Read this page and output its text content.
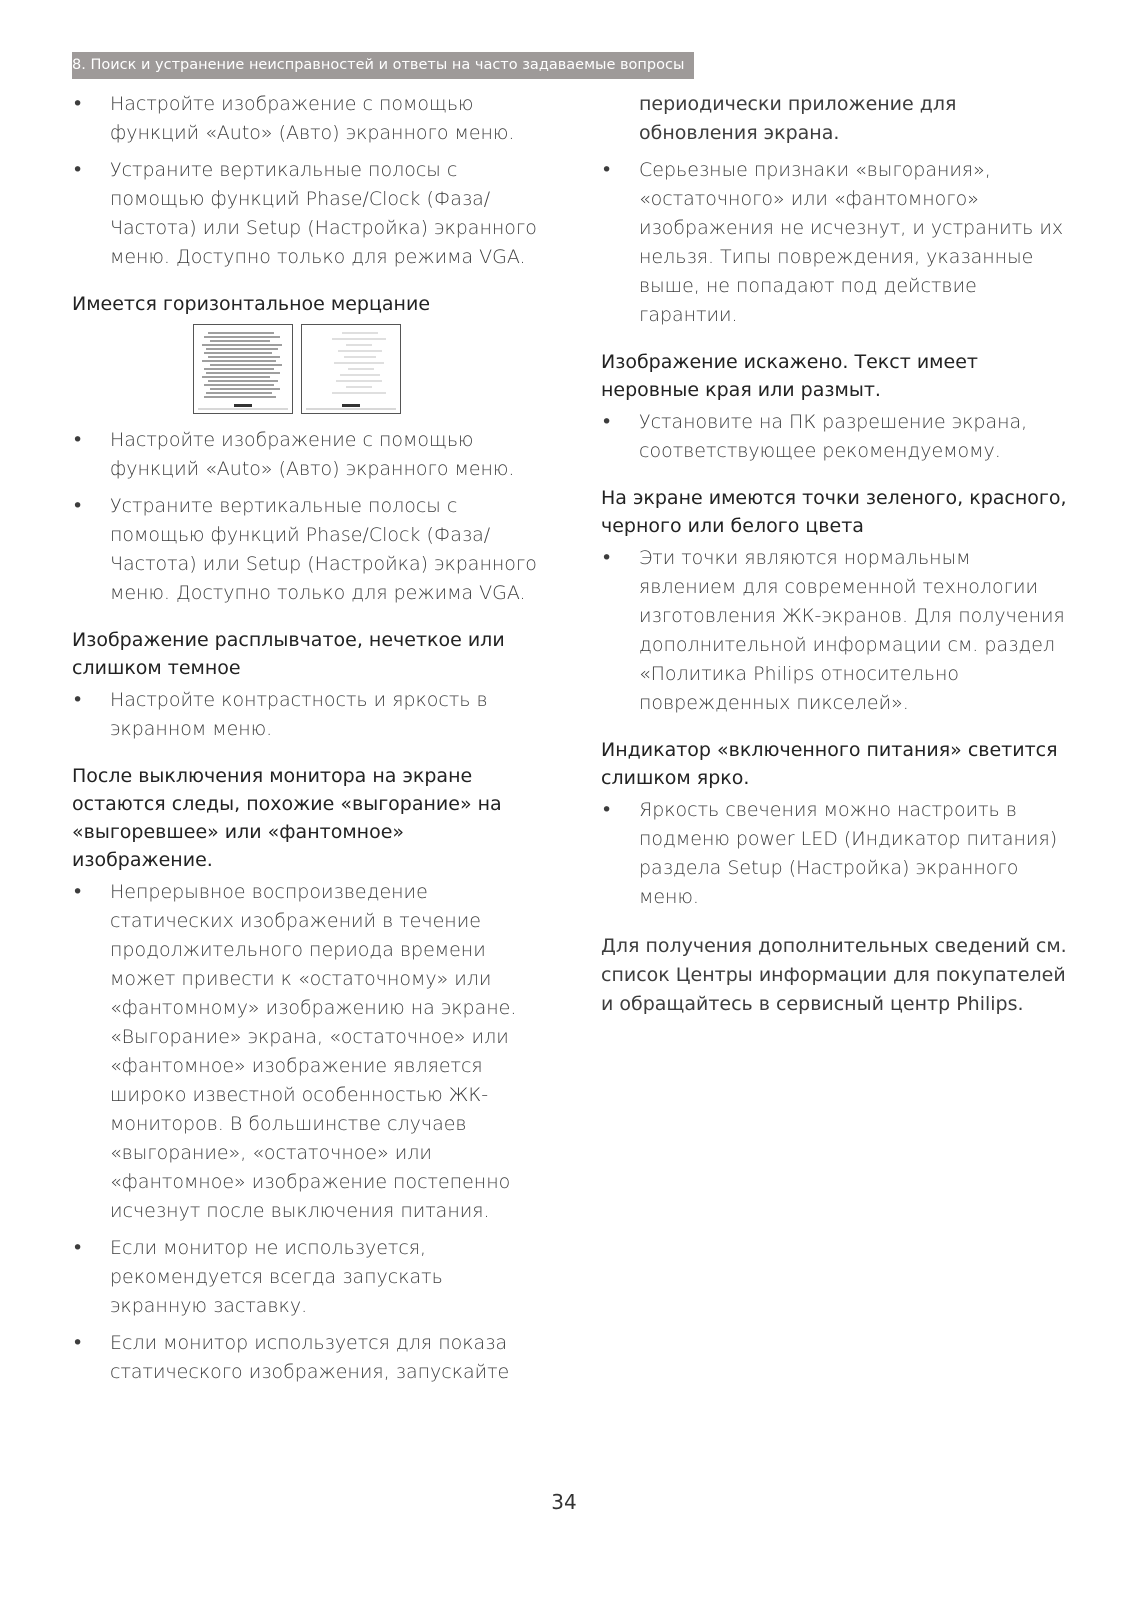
8. Поиск и устранение неисправностей и ответы на часто задаваемые вопросы
•	Настройте изображение с помощью функций «Auto» (Авто) экранного меню.
•	Устраните вертикальные полосы с помощью функций Phase/Clock (Фаза/Частота) или Setup (Настройка) экранного меню. Доступно только для режима VGA.
Имеется горизонтальное мерцание
•	Настройте изображение с помощью функций «Auto» (Авто) экранного меню.
•	Устраните вертикальные полосы с помощью функций Phase/Clock (Фаза/Частота) или Setup (Настройка) экранного меню. Доступно только для режима VGA.
Изображение расплывчатое, нечеткое или слишком темное
•	Настройте контрастность и яркость в экранном меню.
После выключения монитора на экране остаются следы, похожие «выгорание» на «выгоревшее» или «фантомное» изображение.
•	Непрерывное воспроизведение статических изображений в течение продолжительного периода времени может привести к «остаточному» или «фантомному» изображению на экране. «Выгорание» экрана, «остаточное» или «фантомное» изображение является широко известной особенностью ЖК-мониторов. В большинстве случаев «выгорание», «остаточное» или «фантомное» изображение постепенно исчезнут после выключения питания.
•	Если монитор не используется, рекомендуется всегда запускать экранную заставку.
•	Если монитор используется для показа статического изображения, запускайте
периодически приложение для обновления экрана.
•	Серьезные признаки «выгорания», «остаточного» или «фантомного» изображения не исчезнут, и устранить их нельзя. Типы повреждения, указанные выше, не попадают под действие гарантии.
Изображение искажено. Текст имеет неровные края или размыт.
•	Установите на ПК разрешение экрана, соответствующее рекомендуемому.
На экране имеются точки зеленого, красного, черного или белого цвета
•	Эти точки являются нормальным явлением для современной технологии изготовления ЖК-экранов. Для получения дополнительной информации см. раздел «Политика Philips относительно поврежденных пикселей».
Индикатор «включенного питания» светится слишком ярко.
•	Яркость свечения можно настроить в подменю power LED (Индикатор питания) раздела Setup (Настройка) экранного меню.

Для получения дополнительных сведений см. список Центры информации для покупателей и обращайтесь в сервисный центр Philips.

34
